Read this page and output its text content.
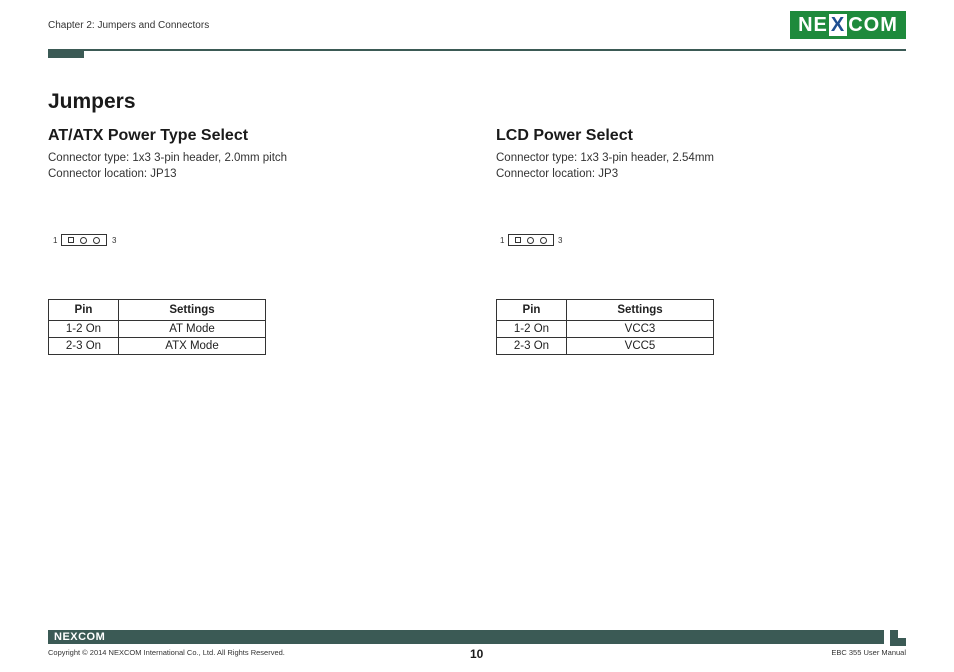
Chapter 2: Jumpers and Connectors	NE X COM
Jumpers
AT/ATX Power Type Select
Connector type: 1x3 3-pin header, 2.0mm pitch
Connector location: JP13
1	3
Pin	Settings
1-2 On	AT Mode
2-3 On	ATX Mode
LCD Power Select
Connector type: 1x3 3-pin header, 2.54mm
Connector location: JP3
1	3
Pin	Settings
1-2 On	VCC3
2-3 On	VCC5
NEXCOM
Copyright © 2014 NEXCOM International Co., Ltd. All Rights Reserved.	10	EBC 355 User Manual
